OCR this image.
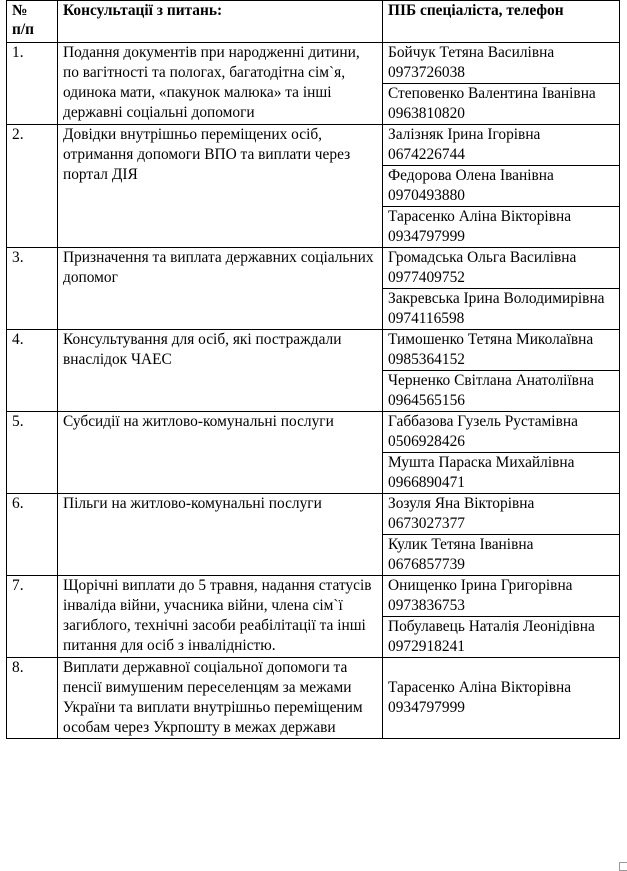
№
п/п	Консультації з питань:	ПІБ спеціаліста, телефон
1.	Подання документів при народженні дитини, по вагітності та пологах, багатодітна сім`я, одинока мати, «пакунок малюка» та інші державні соціальні допомоги	Бойчук Тетяна Василівна
0973726038

		Степовенко Валентина Іванівна
0963810820

2.	Довідки внутрішньо переміщених осіб, отримання допомоги ВПО та виплати через портал ДІЯ	Залізняк Ірина Ігорівна
0674226744

		Федорова Олена Іванівна
0970493880

		Тарасенко Аліна Вікторівна
0934797999

3.	Призначення та виплата державних соціальних допомог	Громадська Ольга Василівна
0977409752

		Закревська Ірина Володимирівна
0974116598

4.	Консультування для осіб, які постраждали внаслідок ЧАЕС	Тимошенко Тетяна Миколаївна
0985364152

		Черненко Світлана Анатоліївна
0964565156

5.	Субсидії на житлово-комунальні послуги	Габбазова Гузель Рустамівна
0506928426

		Мушта Параска Михайлівна
0966890471

6.	Пільги на житлово-комунальні послуги	Зозуля Яна Вікторівна
0673027377

		Кулик Тетяна Іванівна
0676857739

7.	Щорічні виплати до 5 травня, надання статусів інваліда війни, учасника війни, члена сім`ї загиблого, технічні засоби реабілітації та інші питання для осіб з інвалідністю.	Онищенко Ірина Григорівна
0973836753

		Побулавець Наталія Леонідівна
0972918241

8.	Виплати державної соціальної допомоги та пенсії вимушеним переселенцям за межами України та виплати внутрішньо переміщеним особам через Укрпошту в межах держави	Тарасенко Аліна Вікторівна
0934797999
